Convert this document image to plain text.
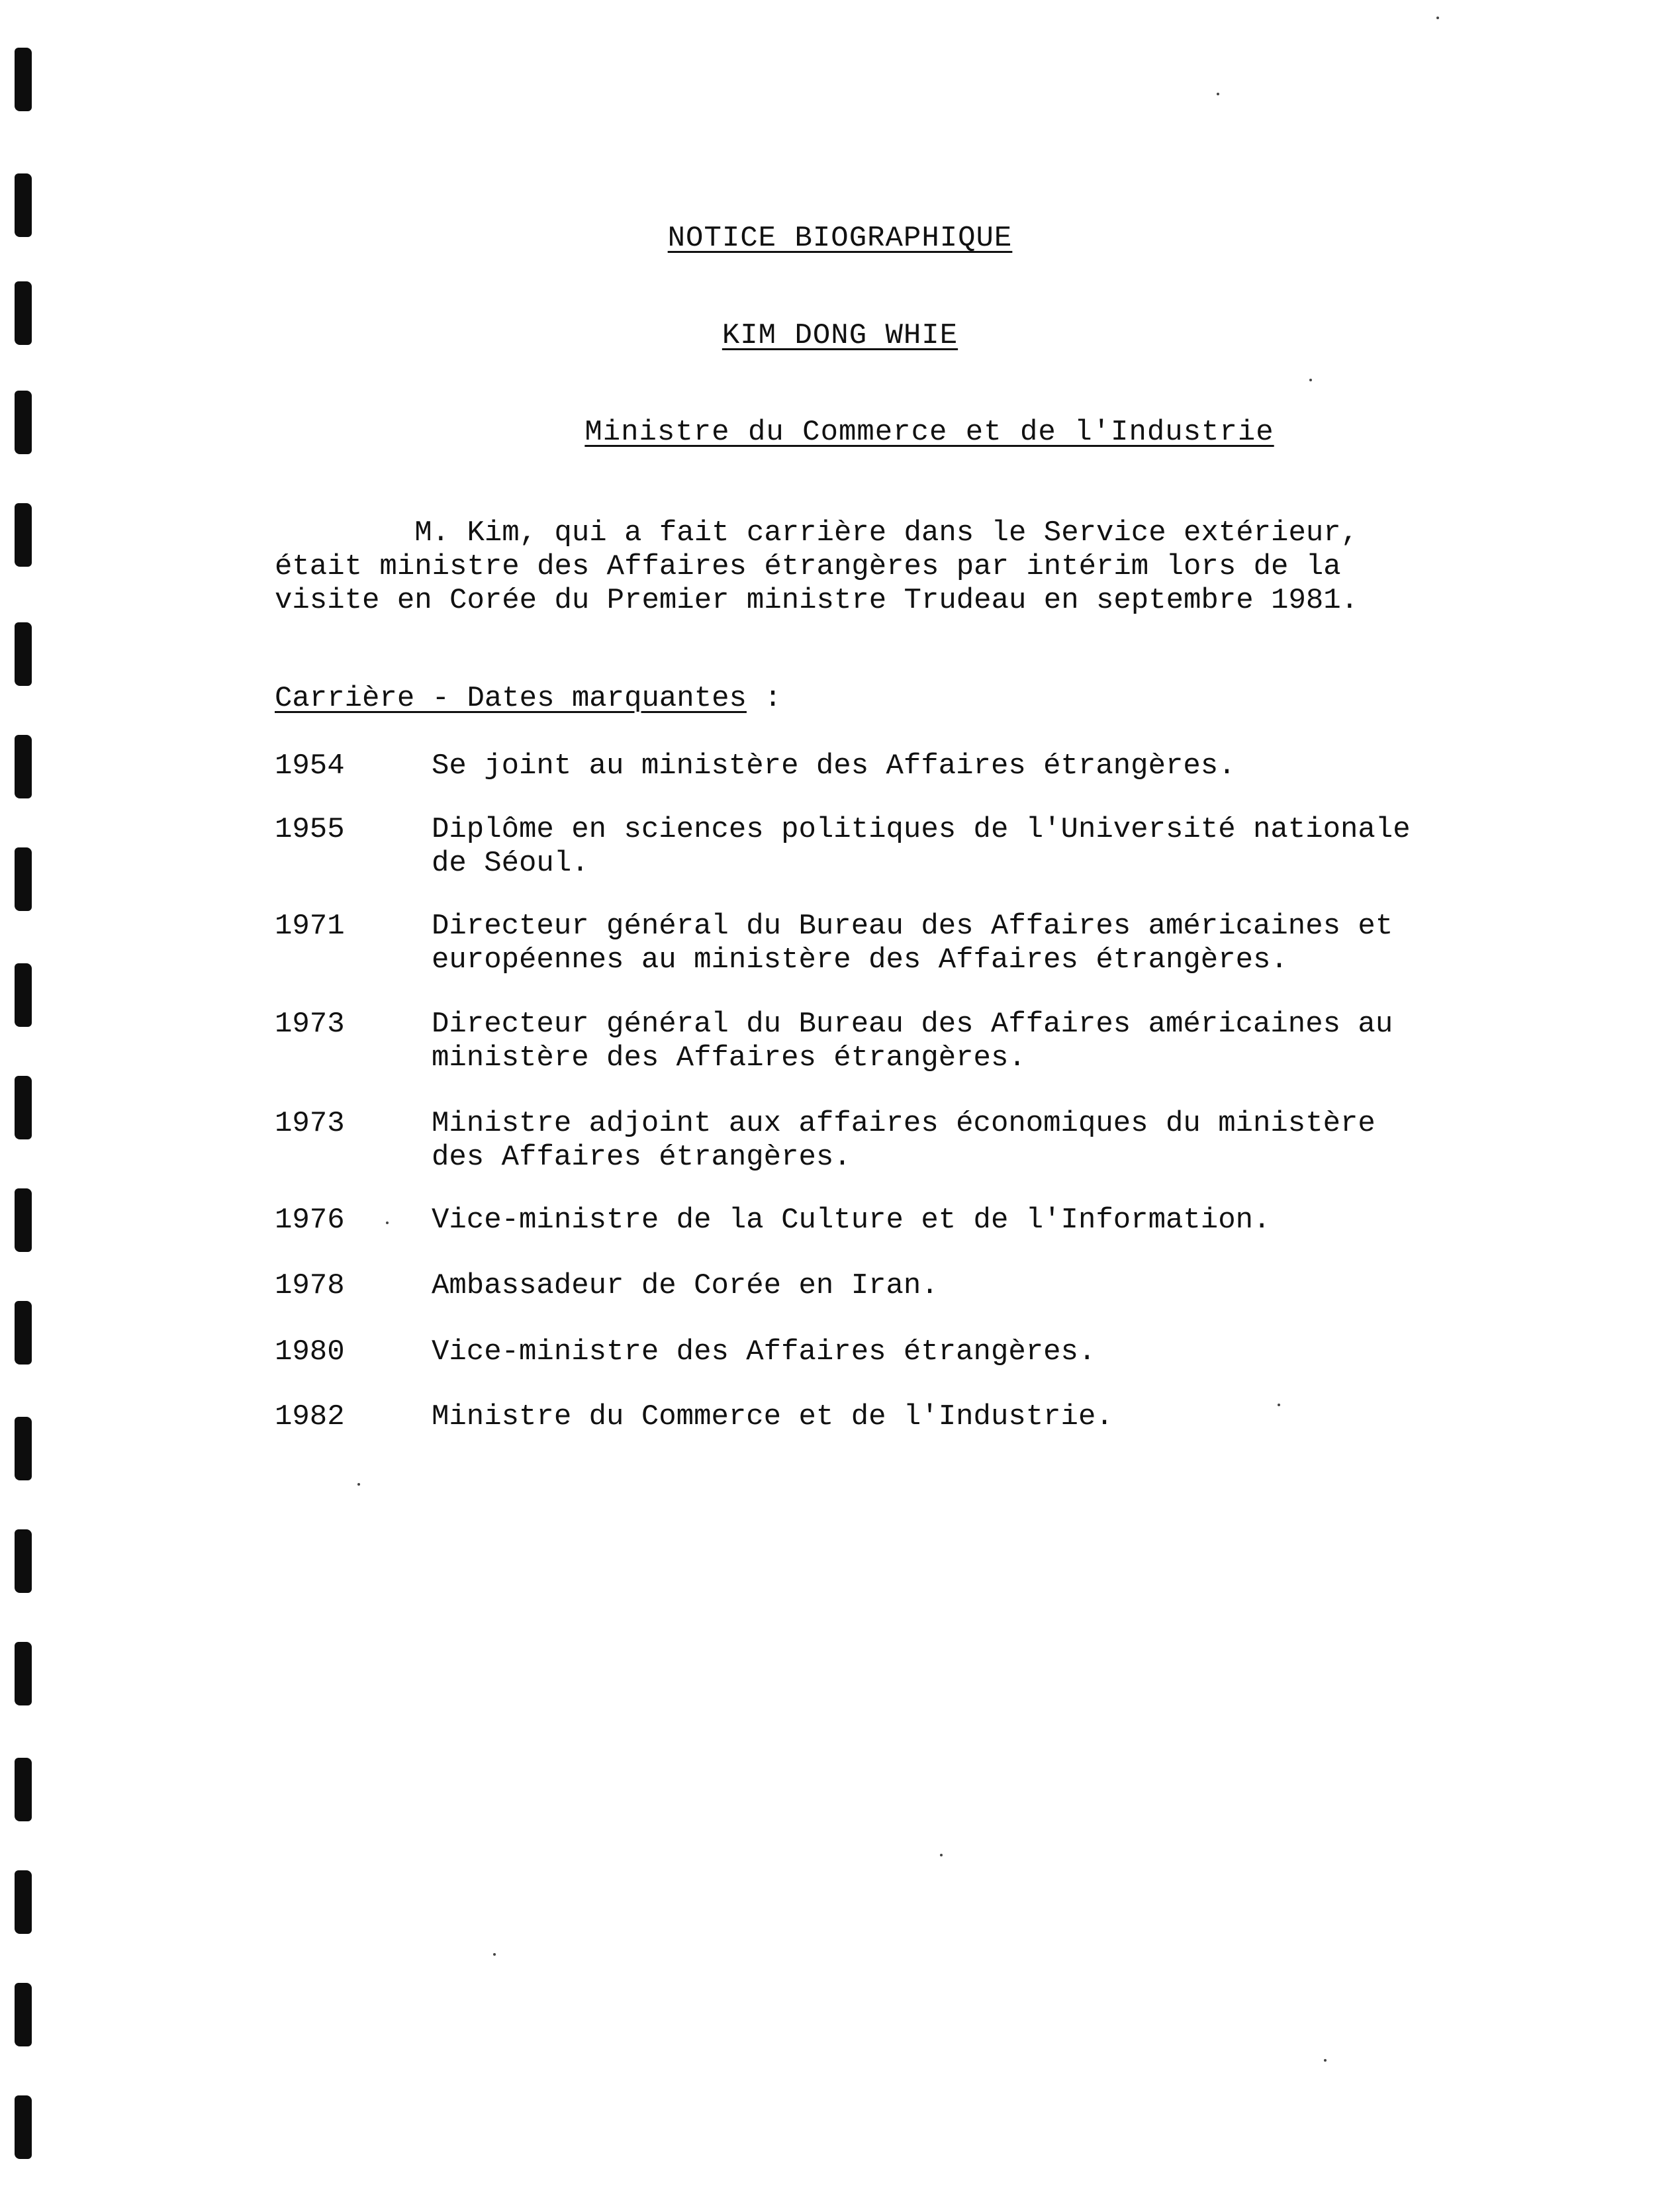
NOTICE BIOGRAPHIQUE
KIM DONG WHIE
Ministre du Commerce et de l'Industrie
M. Kim, qui a fait carrière dans le Service extérieur,
était ministre des Affaires étrangères par intérim lors de la
visite en Corée du Premier ministre Trudeau en septembre 1981.
Carrière - Dates marquantes :
1954	Se joint au ministère des Affaires étrangères.
1955	Diplôme en sciences politiques de l'Université nationale
de Séoul.
1971	Directeur général du Bureau des Affaires américaines et
européennes au ministère des Affaires étrangères.
1973	Directeur général du Bureau des Affaires américaines au
ministère des Affaires étrangères.
1973	Ministre adjoint aux affaires économiques du ministère
des Affaires étrangères.
1976	Vice-ministre de la Culture et de l'Information.
1978	Ambassadeur de Corée en Iran.
1980	Vice-ministre des Affaires étrangères.
1982	Ministre du Commerce et de l'Industrie.
